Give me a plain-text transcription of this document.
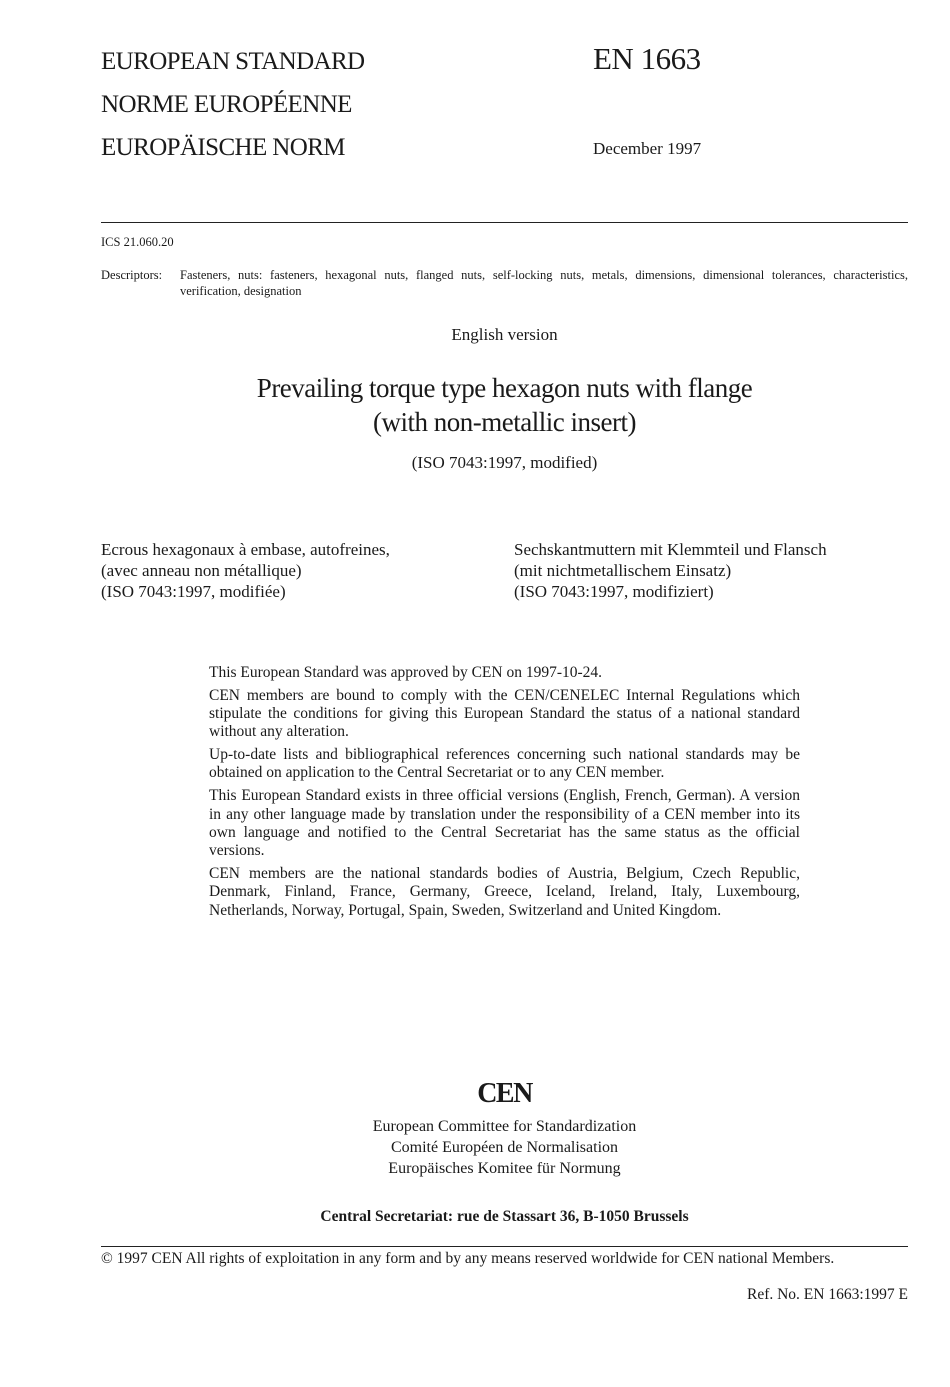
EUROPEAN STANDARD
NORME EUROPÉENNE
EUROPÄISCHE NORM
EN 1663
December 1997
ICS 21.060.20
Descriptors: Fasteners, nuts: fasteners, hexagonal nuts, flanged nuts, self-locking nuts, metals, dimensions, dimensional tolerances, characteristics, verification, designation
English version
Prevailing torque type hexagon nuts with flange
(with non-metallic insert)
(ISO 7043:1997, modified)
Ecrous hexagonaux à embase, autofreines,
(avec anneau non métallique)
(ISO 7043:1997, modifiée)
Sechskantmuttern mit Klemmteil und Flansch
(mit nichtmetallischem Einsatz)
(ISO 7043:1997, modifiziert)

This European Standard was approved by CEN on 1997-10-24.

CEN members are bound to comply with the CEN/CENELEC Internal Regulations which stipulate the conditions for giving this European Standard the status of a national standard without any alteration.

Up-to-date lists and bibliographical references concerning such national standards may be obtained on application to the Central Secretariat or to any CEN member.

This European Standard exists in three official versions (English, French, German). A version in any other language made by translation under the responsibility of a CEN member into its own language and notified to the Central Secretariat has the same status as the official versions.

CEN members are the national standards bodies of Austria, Belgium, Czech Republic, Denmark, Finland, France, Germany, Greece, Iceland, Ireland, Italy, Luxembourg, Netherlands, Norway, Portugal, Spain, Sweden, Switzerland and United Kingdom.

CEN
European Committee for Standardization
Comité Européen de Normalisation
Europäisches Komitee für Normung
Central Secretariat: rue de Stassart 36, B-1050 Brussels
© 1997 CEN All rights of exploitation in any form and by any means reserved worldwide for CEN national Members.
Ref. No. EN 1663:1997 E
